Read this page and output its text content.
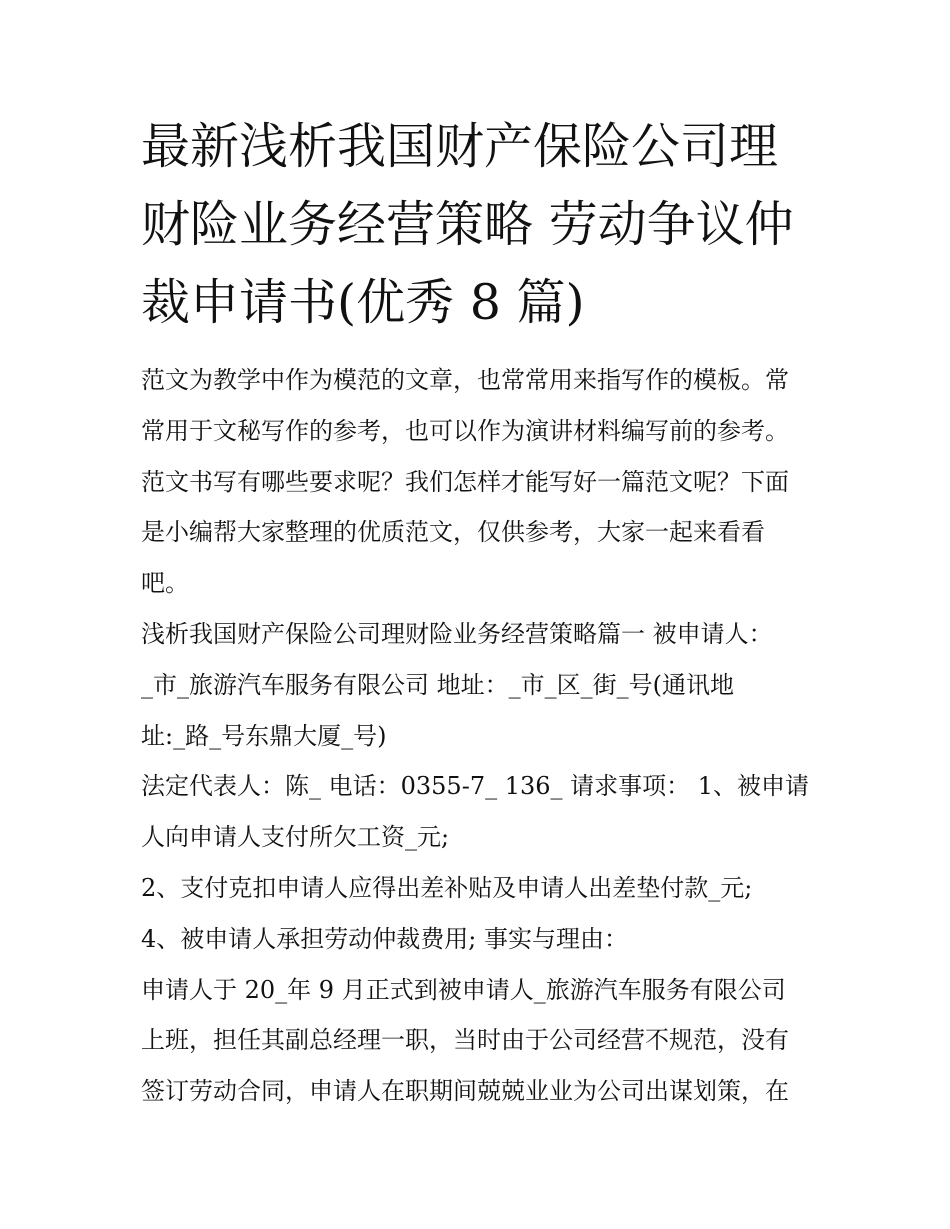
最新浅析我国财产保险公司理
财险业务经营策略 劳动争议仲
裁申请书(优秀 8 篇)
范文为教学中作为模范的文章，也常常用来指写作的模板。常
常用于文秘写作的参考，也可以作为演讲材料编写前的参考。
范文书写有哪些要求呢？我们怎样才能写好一篇范文呢？下面
是小编帮大家整理的优质范文，仅供参考，大家一起来看看
吧。
浅析我国财产保险公司理财险业务经营策略篇一 被申请人：
_市_旅游汽车服务有限公司 地址：_市_区_街_号(通讯地
址:_路_号东鼎大厦_号)
法定代表人：陈_ 电话：0355-7_ 136_ 请求事项： 1、被申请
人向申请人支付所欠工资_元;
2、支付克扣申请人应得出差补贴及申请人出差垫付款_元;
4、被申请人承担劳动仲裁费用; 事实与理由：
申请人于 20_年 9 月正式到被申请人_旅游汽车服务有限公司
上班，担任其副总经理一职，当时由于公司经营不规范，没有
签订劳动合同，申请人在职期间兢兢业业为公司出谋划策，在
